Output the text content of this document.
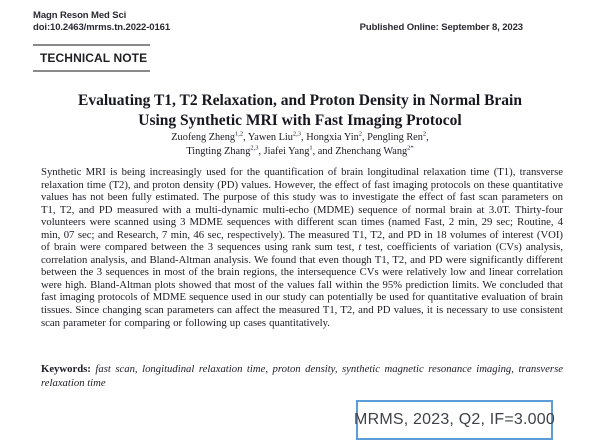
Magn Reson Med Sci
doi:10.2463/mrms.tn.2022-0161	Published Online: September 8, 2023
TECHNICAL NOTE
Evaluating T1, T2 Relaxation, and Proton Density in Normal Brain
Using Synthetic MRI with Fast Imaging Protocol
Zuofeng Zheng$^{1,2}$, Yawen Liu$^{2,3}$, Hongxia Yin$^2$, Pengling Ren$^2$,
Tingting Zhang$^{2,3}$, Jiafei Yang$^1$, and Zhenchang Wang$^{2*}$

Synthetic MRI is being increasingly used for the quantification of brain longitudinal relaxation time (T1), transverse relaxation time (T2), and proton density (PD) values. However, the effect of fast imaging protocols on these quantitative values has not been fully estimated. The purpose of this study was to investigate the effect of fast scan parameters on T1, T2, and PD measured with a multi-dynamic multi-echo (MDME) sequence of normal brain at 3.0T. Thirty-four volunteers were scanned using 3 MDME sequences with different scan times (named Fast, 2 min, 29 sec; Routine, 4 min, 07 sec; and Research, 7 min, 46 sec, respectively). The measured T1, T2, and PD in 18 volumes of interest (VOI) of brain were compared between the 3 sequences using rank sum test, t test, coefficients of variation (CVs) analysis, correlation analysis, and Bland-Altman analysis. We found that even though T1, T2, and PD were significantly different between the 3 sequences in most of the brain regions, the intersequence CVs were relatively low and linear correlation were high. Bland-Altman plots showed that most of the values fall within the 95% prediction limits. We concluded that fast imaging protocols of MDME sequence used in our study can potentially be used for quantitative evaluation of brain tissues. Since changing scan parameters can affect the measured T1, T2, and PD values, it is necessary to use consistent scan parameter for comparing or following up cases quantitatively.

Keywords: fast scan, longitudinal relaxation time, proton density, synthetic magnetic resonance imaging, transverse relaxation time

MRMS, 2023, Q2, IF=3.000
